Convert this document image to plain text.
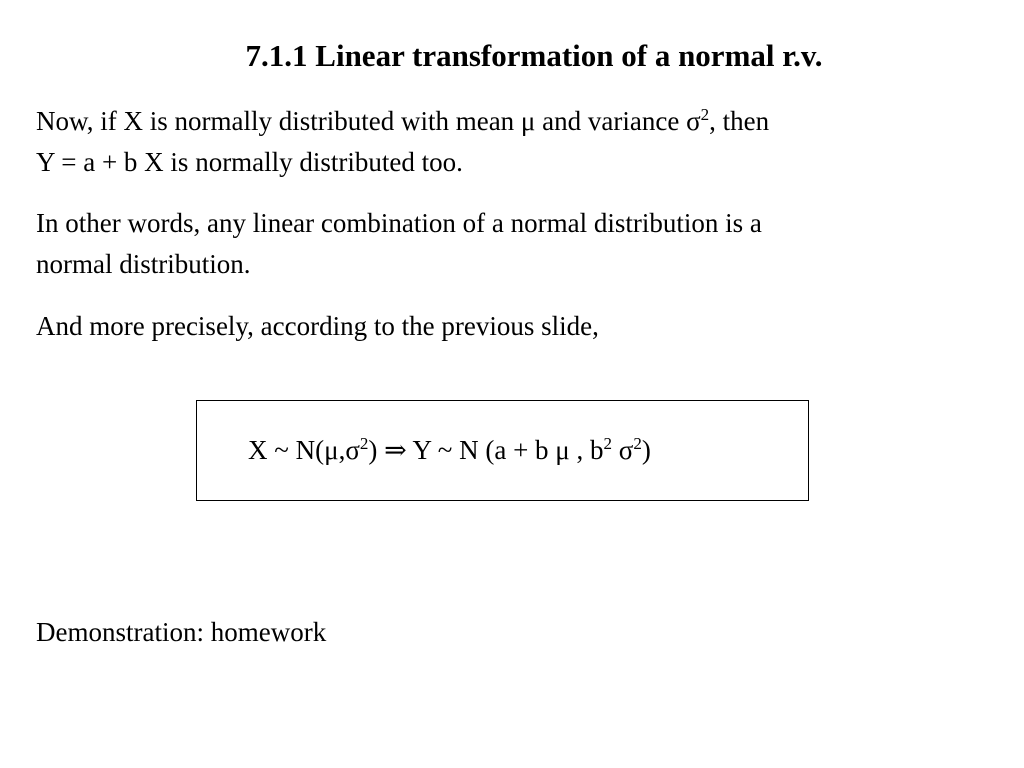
7.1.1 Linear transformation of a normal r.v.
Now, if X is normally distributed with mean μ and variance $\sigma^2$, then
Y = a + b X is normally distributed too.
In other words, any linear combination of a normal distribution is a
normal distribution.
And more precisely, according to the previous slide,
X ~ $N(\mu,\sigma^2)$ ⇒ Y ~ N (a + b μ , $b^2$ $\sigma^2$)
Demonstration: homework
